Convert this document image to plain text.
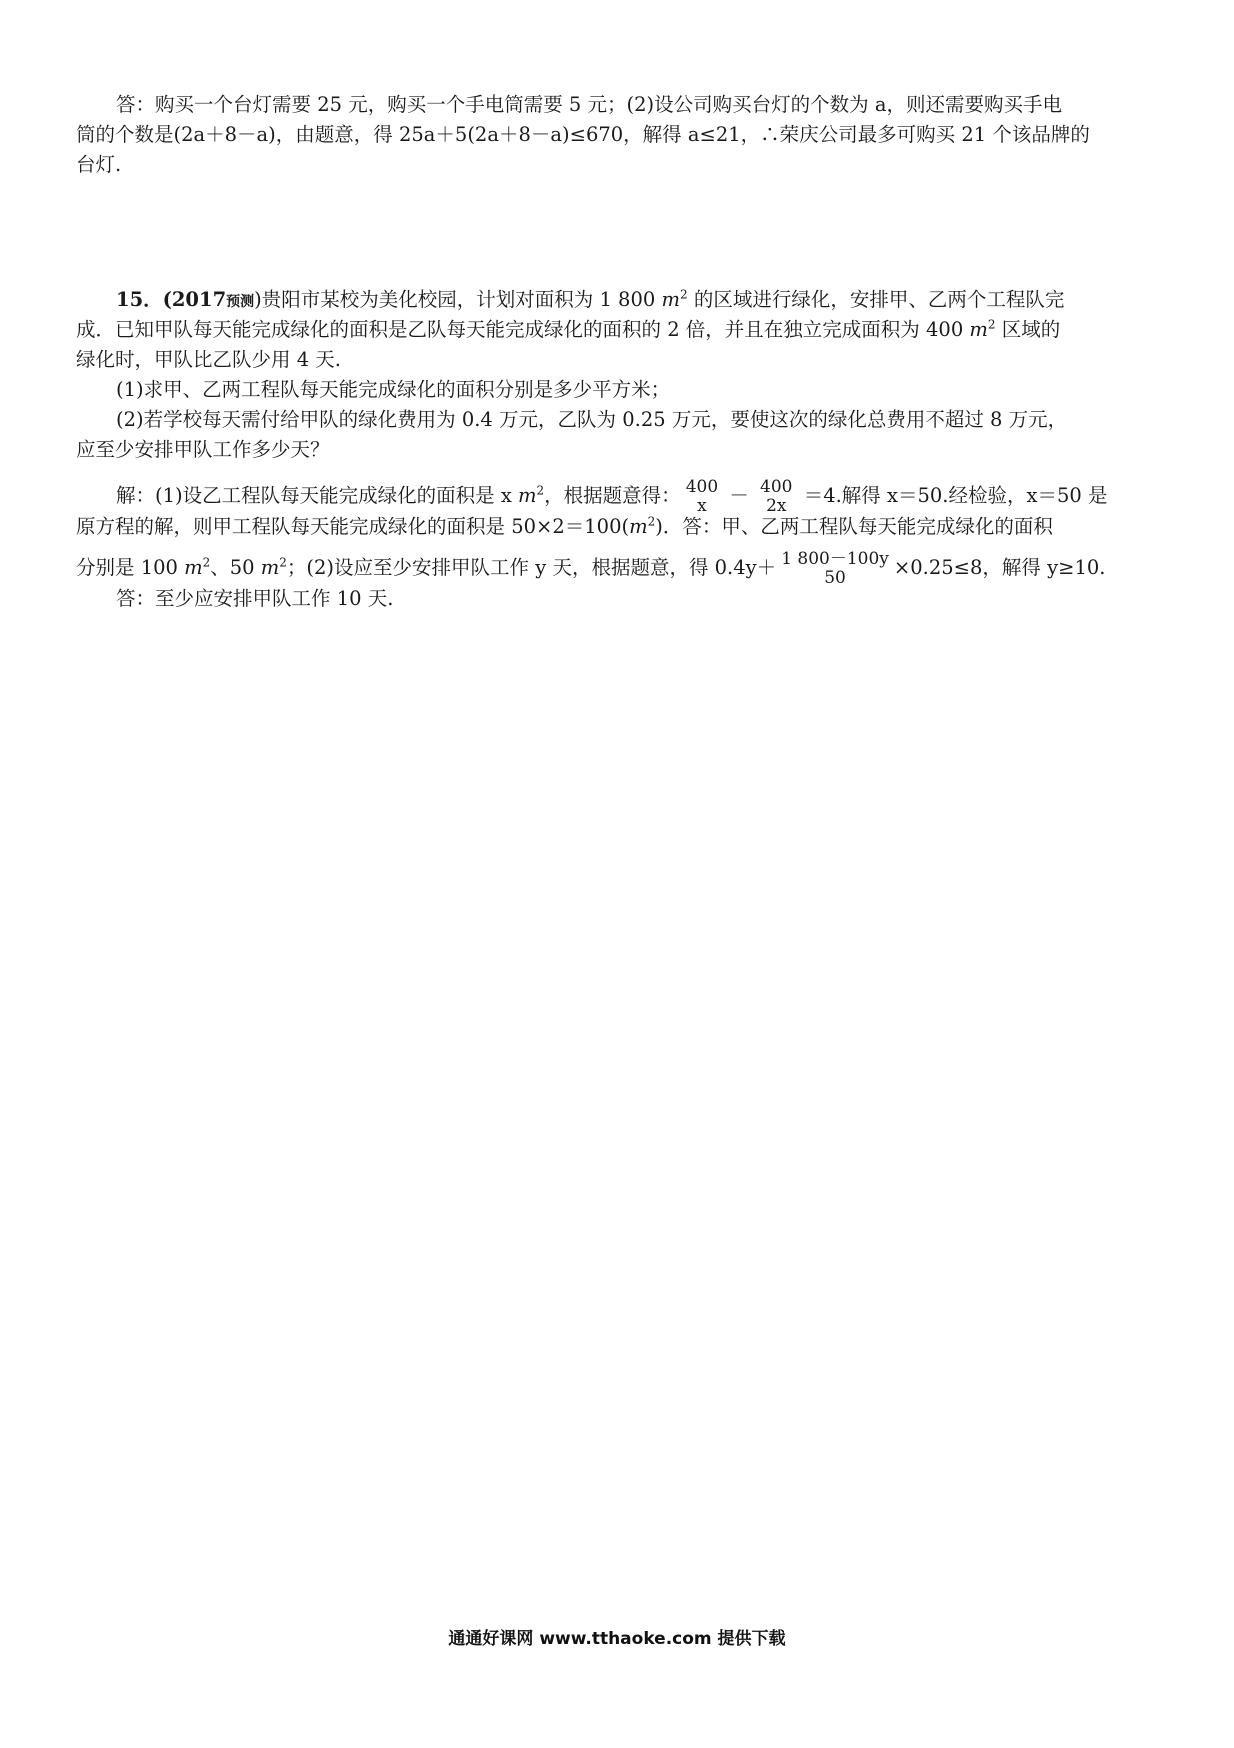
答：购买一个台灯需要 25 元，购买一个手电筒需要 5 元；(2)设公司购买台灯的个数为 a，则还需要购买手电
筒的个数是(2a＋8－a)，由题意，得 25a＋5(2a＋8－a)≤670，解得 a≤21，∴荣庆公司最多可购买 21 个该品牌的
台灯.
15．(2017预测)贵阳市某校为美化校园，计划对面积为 1 800 $m^2$ 的区域进行绿化，安排甲、乙两个工程队完
成．已知甲队每天能完成绿化的面积是乙队每天能完成绿化的面积的 2 倍，并且在独立完成面积为 400 $m^2$ 区域的
绿化时，甲队比乙队少用 4 天.
(1)求甲、乙两工程队每天能完成绿化的面积分别是多少平方米；
(2)若学校每天需付给甲队的绿化费用为 0.4 万元，乙队为 0.25 万元，要使这次的绿化总费用不超过 8 万元，
应至少安排甲队工作多少天？
解：(1)设乙工程队每天能完成绿化的面积是 x $m^2$，根据题意得： 400
x － 400
2x ＝4.解得 x＝50.经检验，x＝50 是
原方程的解，则甲工程队每天能完成绿化的面积是 $50\times 2=100(m^2)$．答：甲、乙两工程队每天能完成绿化的面积
分别是 100 $m^2$、50 $m^2$；(2)设应至少安排甲队工作 y 天，根据题意，得 0.4y＋ 1 800－100y
50	×0.25≤8，解得 y≥10.
答：至少应安排甲队工作 10 天.
通通好课网 www.tthaoke.com 提供下载
